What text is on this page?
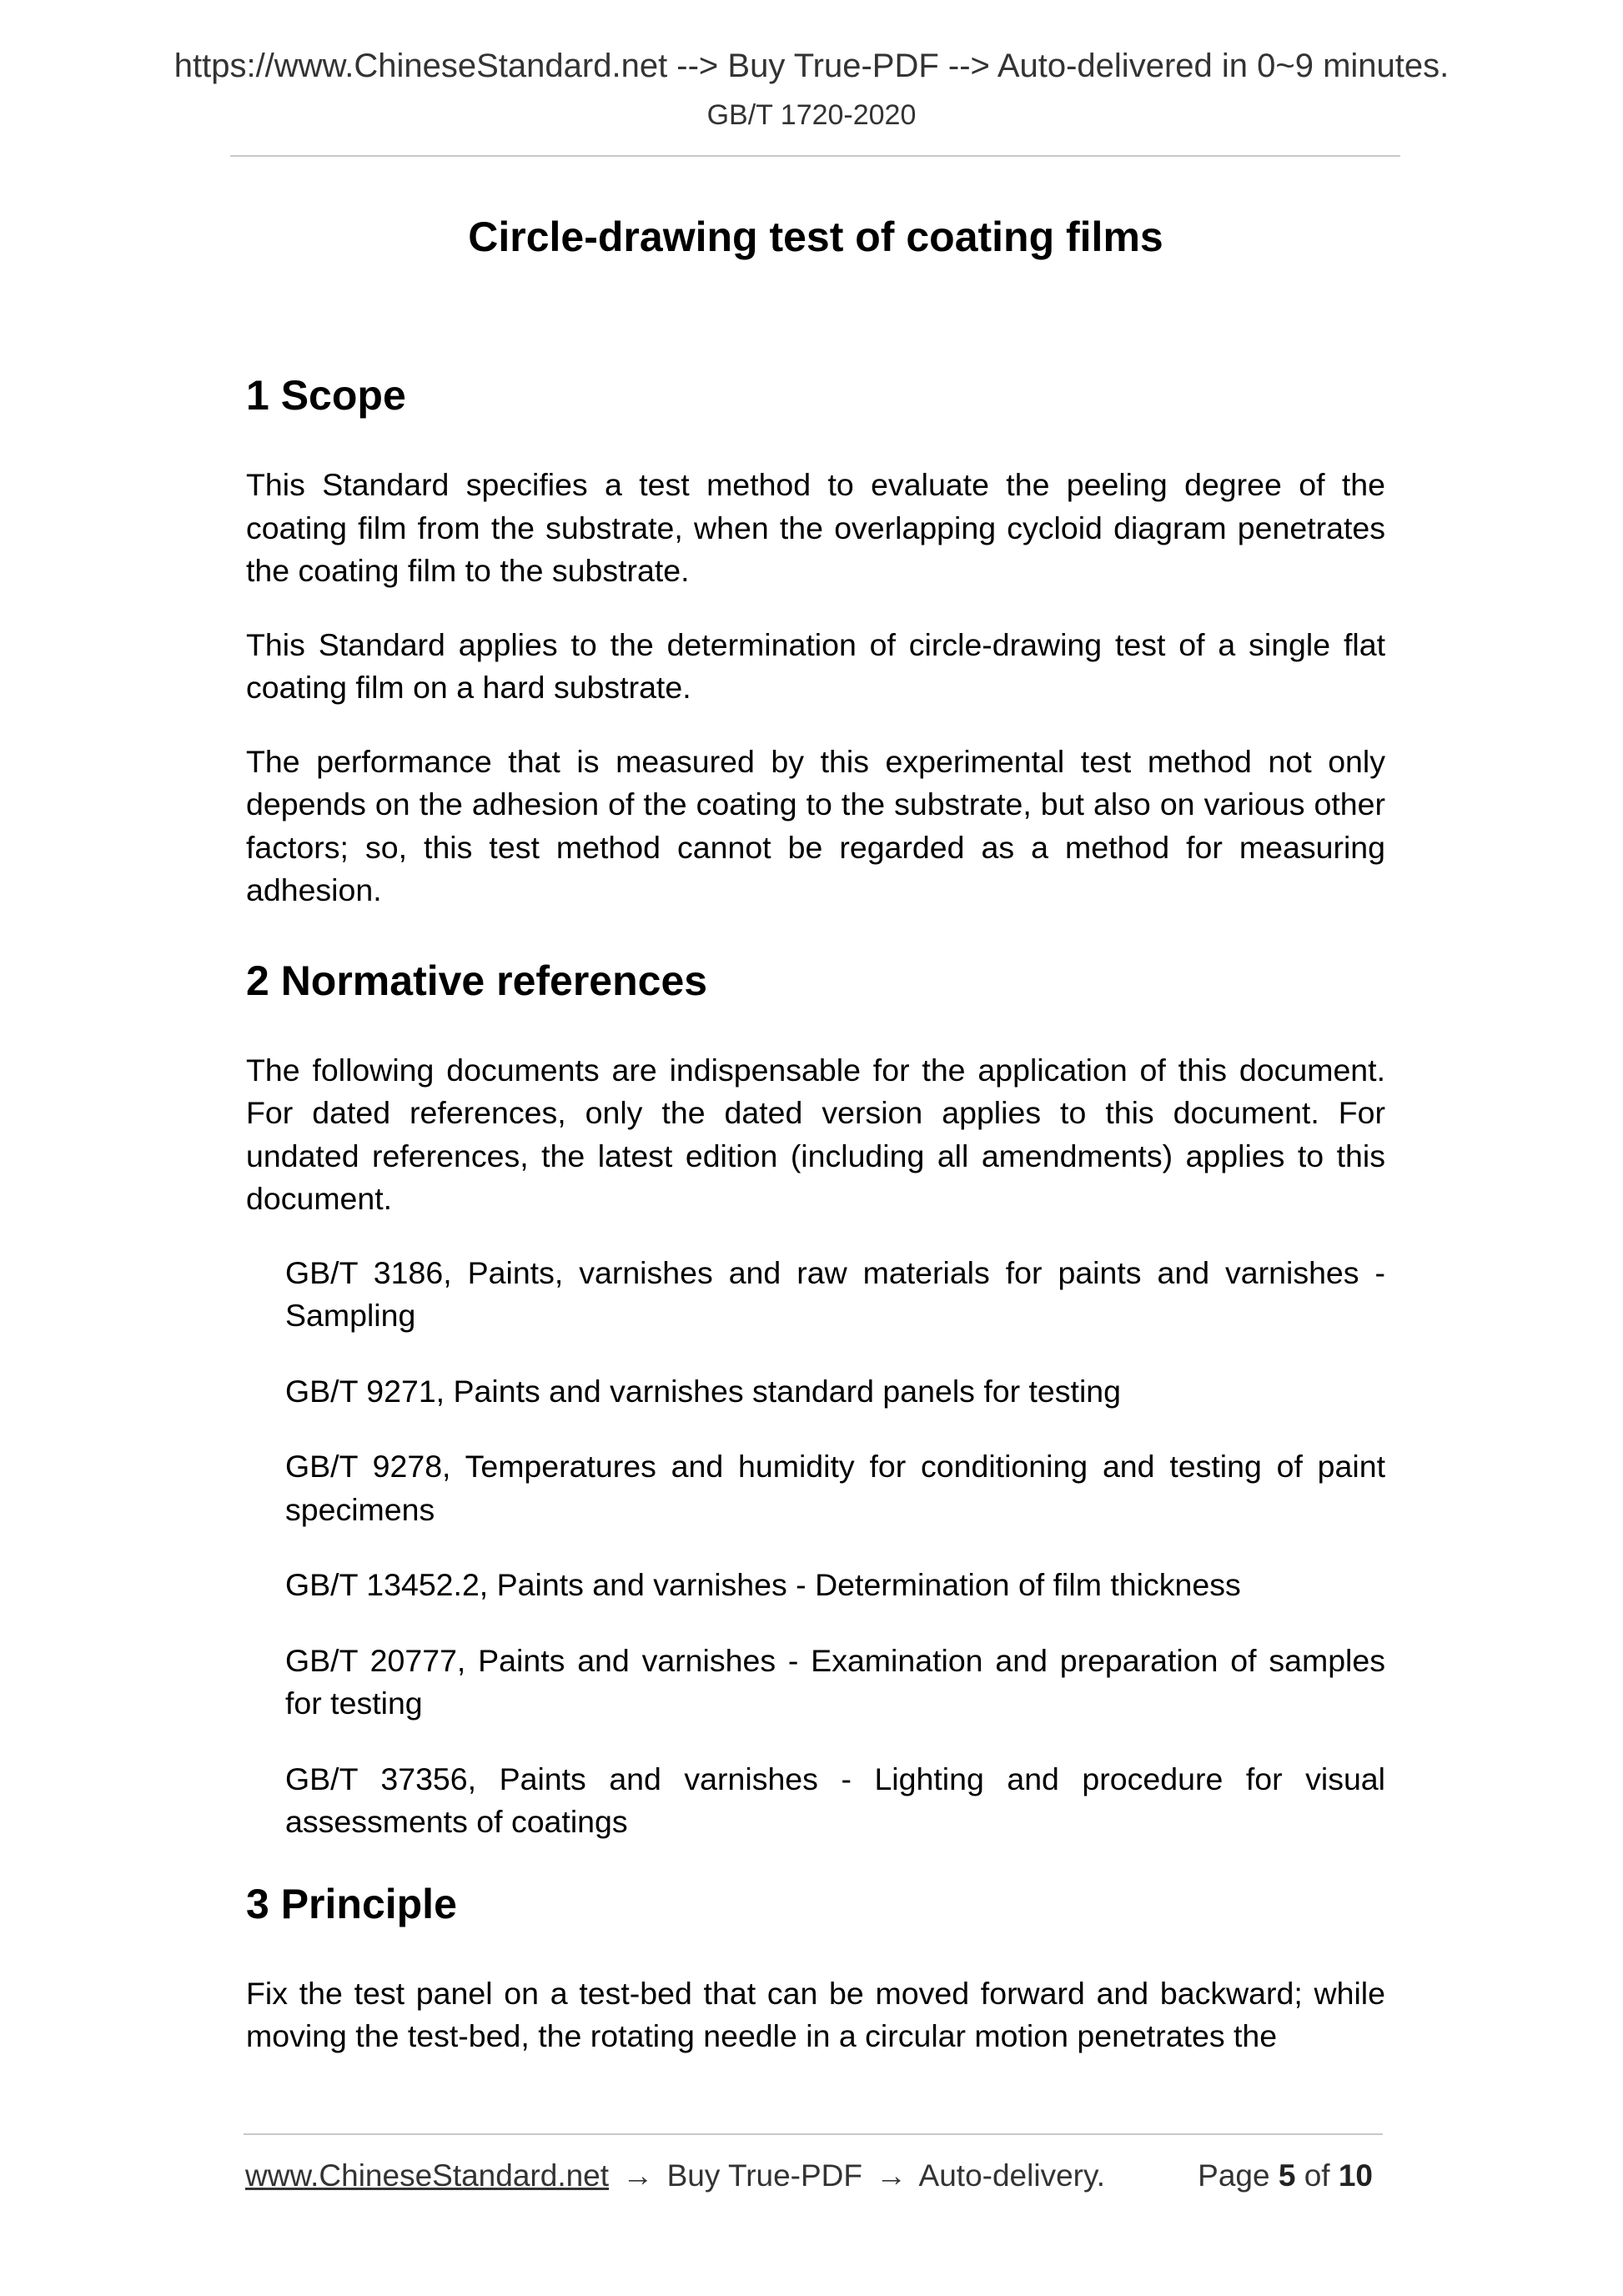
https://www.ChineseStandard.net --> Buy True-PDF --> Auto-delivered in 0~9 minutes.
GB/T 1720-2020
Circle-drawing test of coating films
1 Scope

This Standard specifies a test method to evaluate the peeling degree of the coating film from the substrate, when the overlapping cycloid diagram penetrates the coating film to the substrate.

This Standard applies to the determination of circle-drawing test of a single flat coating film on a hard substrate.

The performance that is measured by this experimental test method not only depends on the adhesion of the coating to the substrate, but also on various other factors; so, this test method cannot be regarded as a method for measuring adhesion.

2 Normative references

The following documents are indispensable for the application of this document. For dated references, only the dated version applies to this document. For undated references, the latest edition (including all amendments) applies to this document.

GB/T 3186, Paints, varnishes and raw materials for paints and varnishes - Sampling
GB/T 9271, Paints and varnishes standard panels for testing
GB/T 9278, Temperatures and humidity for conditioning and testing of paint specimens
GB/T 13452.2, Paints and varnishes - Determination of film thickness
GB/T 20777, Paints and varnishes - Examination and preparation of samples for testing
GB/T 37356, Paints and varnishes - Lighting and procedure for visual assessments of coatings
3 Principle

Fix the test panel on a test-bed that can be moved forward and backward; while moving the test-bed, the rotating needle in a circular motion penetrates the

www.ChineseStandard.net → Buy True-PDF → Auto-delivery.	Page 5 of 10
